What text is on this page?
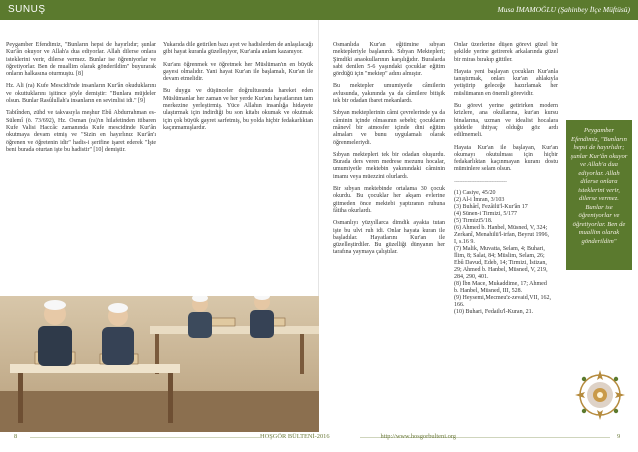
SUNUŞ	Musa İMAMOĞLU (Şahinbey İlçe Müftüsü)

Peygamber Efendimiz, "Bunların hepsi de hayırlıdır; şunlar Kur'ân okuyor ve Allah'a dua ediyorlar. Allah dilerse onlara isteklerini verir, dilerse vermez. Bunlar ise öğreniyorlar ve öğretiyorlar. Ben de muallim olarak gönderildim" buyurarak onların halkasına oturmuştu. [8]

Hz. Ali (ra) Kufe Mescidi'nde insanların Kur'ân okuduklarını ve okuttuklarını işitince şöyle demiştir: "Bunlara müjdeler olsun. Bunlar Rasûlullah'a insanların en sevimlisi idi." [9]

Tabiînden, zühd ve takvasıyla meşhur Ebû Abdurrahman es-Sülemî (ö. 73/692), Hz. Osman (ra)'ın hilafetinden itibaren Kufe Valisi Haccâc zamanında Kufe mescidinde Kur'ân okutmaya devam etmiş ve "Sizin en hayırlınız Kur'ân'ı öğrenen ve öğretenin idir" hadis-i şerifine işaret ederek "İşte beni burada oturtan işte bu hadistir" [10] demiştir.

Yukarıda dile getirilen bazı ayet ve hadislerden de anlaşılacağı gibi hayat kuranla güzelleşiyor, Kur'anla anlam kazanıyor.

Kur'anı öğrenmek ve öğretmek her Müslüman'ın en büyük gayesi olmalıdır. Yani hayat Kur'an ile başlamalı, Kur'an ile devam etmelidir.

Bu duygu ve düşünceler doğrultusunda hareket eden Müslümanlar her zaman ve her yerde Kur'anı hayatlarının tam merkezine yerleştirmiş. Yüce Allahın insanlığa hidayete ulaştırmak için indirdiği bu son kitabı okumak ve okutmak için çok büyük gayret sarfetmiş, bu yolda hiçbir fedakarlıktan kaçınmamışlardır.

Osmanlıda Kur'an eğitimine sıbyan mektepleriyle başlanırdı. Sıbyan Mektepleri; Şimdiki anaokullarının karşılığıdır. Buralarda sabi denilen 5-6 yaşındaki çocuklar eğitim gördüğü için "mektep" adını almıştır.

Bu mektepler umumiyetle câmilerin avlusunda, yakınında ya da câmilere bitişik tek bir odadan ibaret mekanlardı.

Sıbyan mekteplerinin câmi çevrelerinde ya da câminin içinde olmasının sebebi; çocukların mânevî bir atmosfer içinde dini eğitim almaları ve bunu uygulamalı olarak öğrenmeleriydi.

Sıbyan mektepleri tek bir odadan oluşurdu. Burada ders veren medrese mezunu hocalar, umumiyetle mektebin yakınındaki câminin imamı veya müezzini olurlardı.

Bir sıbyan mektebinde ortalama 30 çocuk okurdu. Bu çocuklar her akşam evlerine gitmeden önce mektebi yaptıranın ruhuna fâtiha okurlardı.

Osmanlıyı yüzyıllarca dimdik ayakta tutan işte bu ulvi ruh idi. Onlar hayata kuran ile başladılar. Hayatlarını Kur'an ile güzelleştirdiler. Bu güzelliği dünyanın her tarafına yaymaya çalıştılar.

Onlar üzerlerine düşen görevi güzel bir şekilde yerine getirerek arkalarında güzel bir miras bırakıp gittiler.

Hayata yeni başlayan çocukları Kur'anla tanıştırmak, onları kur'an ahlakıyla yetiştirip geleceğe hazırlamak her müslümanın en önemli görevidir.

Bu görevi yerine getirirken modern krizlere, ana okullarına, kur'an kursu binalarına, uzman ve idealist hocalara şiddetle ihtiyaç olduğu göz ardı edilmemeli.

Hayata Kur'an ile başlayan, Kur'an okumayı okutulması için hiçbir fedakarlıktan kaçınmayan kuranı dostu müminlere selam olsun.

-------------------------------

(1) Casiye, 45/20
(2) Al-i İmran, 3/103
(3) Buhârî, Fezâilü'l-Kur'ân 17
(4) Sünen-i Tirmizi, 5/177
(5) Tirmizi5/18.
(6) Ahmed b. Hanbel, Müsned, V, 324;
Zerkanî, Menahilü'l-irfan, Beyrut 1996,
I, s.16 9.
(7) Malik, Muvatta, Selam, 4; Buhari,
İlim, 8; Salat, 84; Müslim, Selam, 26;
Ebû Davud, Edeb, 14; Tirmizi, İstizan,
29; Ahmed b. Hanbel, Müsned, V, 219,
284, 290, 401.
(8) İbn Mace, Mukaddime, 17; Ahmed
b. Hanbel, Müsned, III, 528.
(9) Heysemi,Mecmeu'z-zevaid,VII, 162,
166.
(10) Buhari, Fedailu'l-Kuran, 21.
Peygamber Efendimiz, "Bunların hepsi de hayırlıdır; şunlar Kur'ân okuyor ve Allah'a dua ediyorlar. Allah dilerse onlara isteklerini verir, dilerse vermez. Bunlar ise öğreniyorlar ve öğretiyorlar. Ben de muallim olarak gönderildim"
8	HOŞGÖR BÜLTENİ-2016	http://www.hosgorbulteni.org	9
